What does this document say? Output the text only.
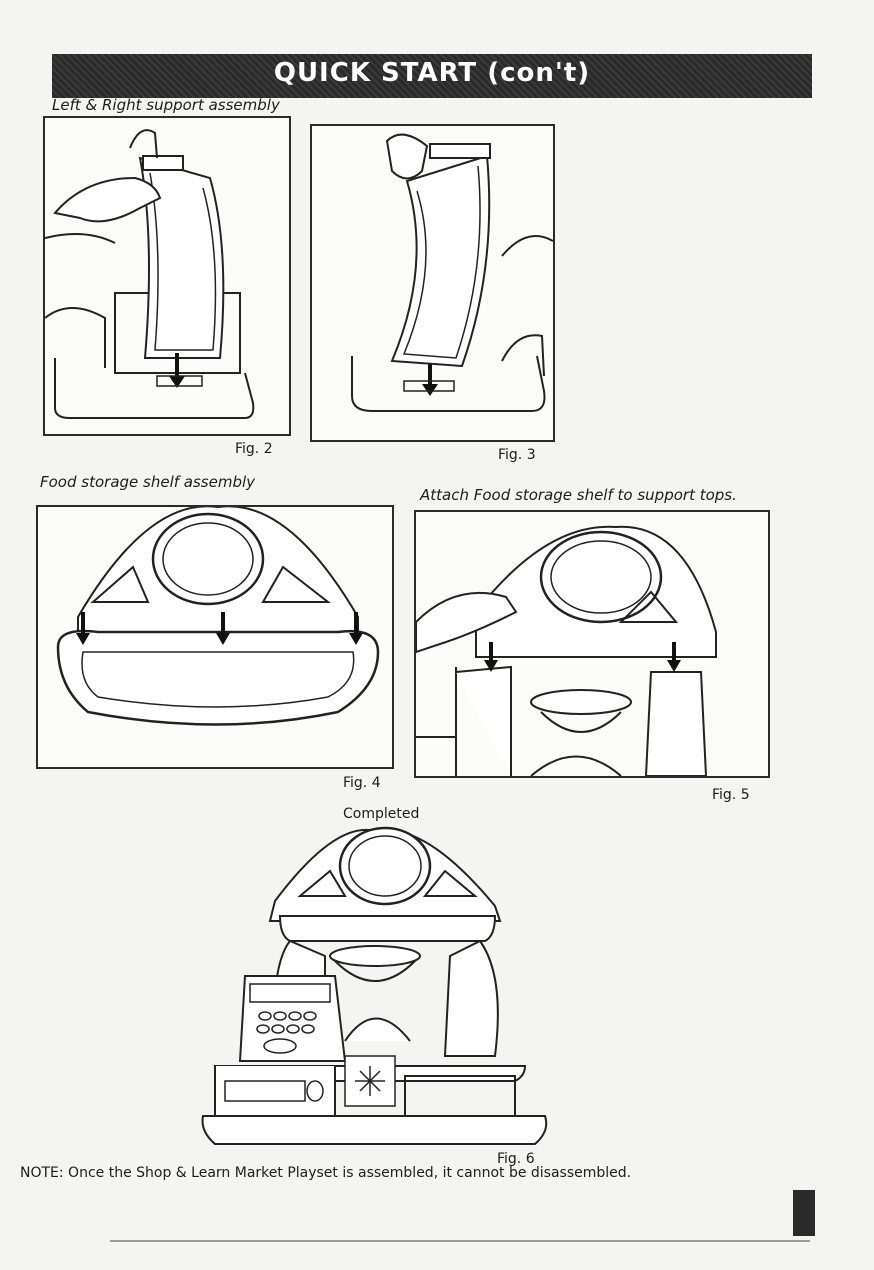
QUICK START (con't)
Left & Right support assembly
Fig. 2	Fig. 3
Food storage shelf assembly
Attach Food storage shelf to support tops.
Fig. 4
Fig. 5
Completed
Fig. 6
NOTE: Once the Shop & Learn Market Playset is assembled, it cannot be disassembled.
